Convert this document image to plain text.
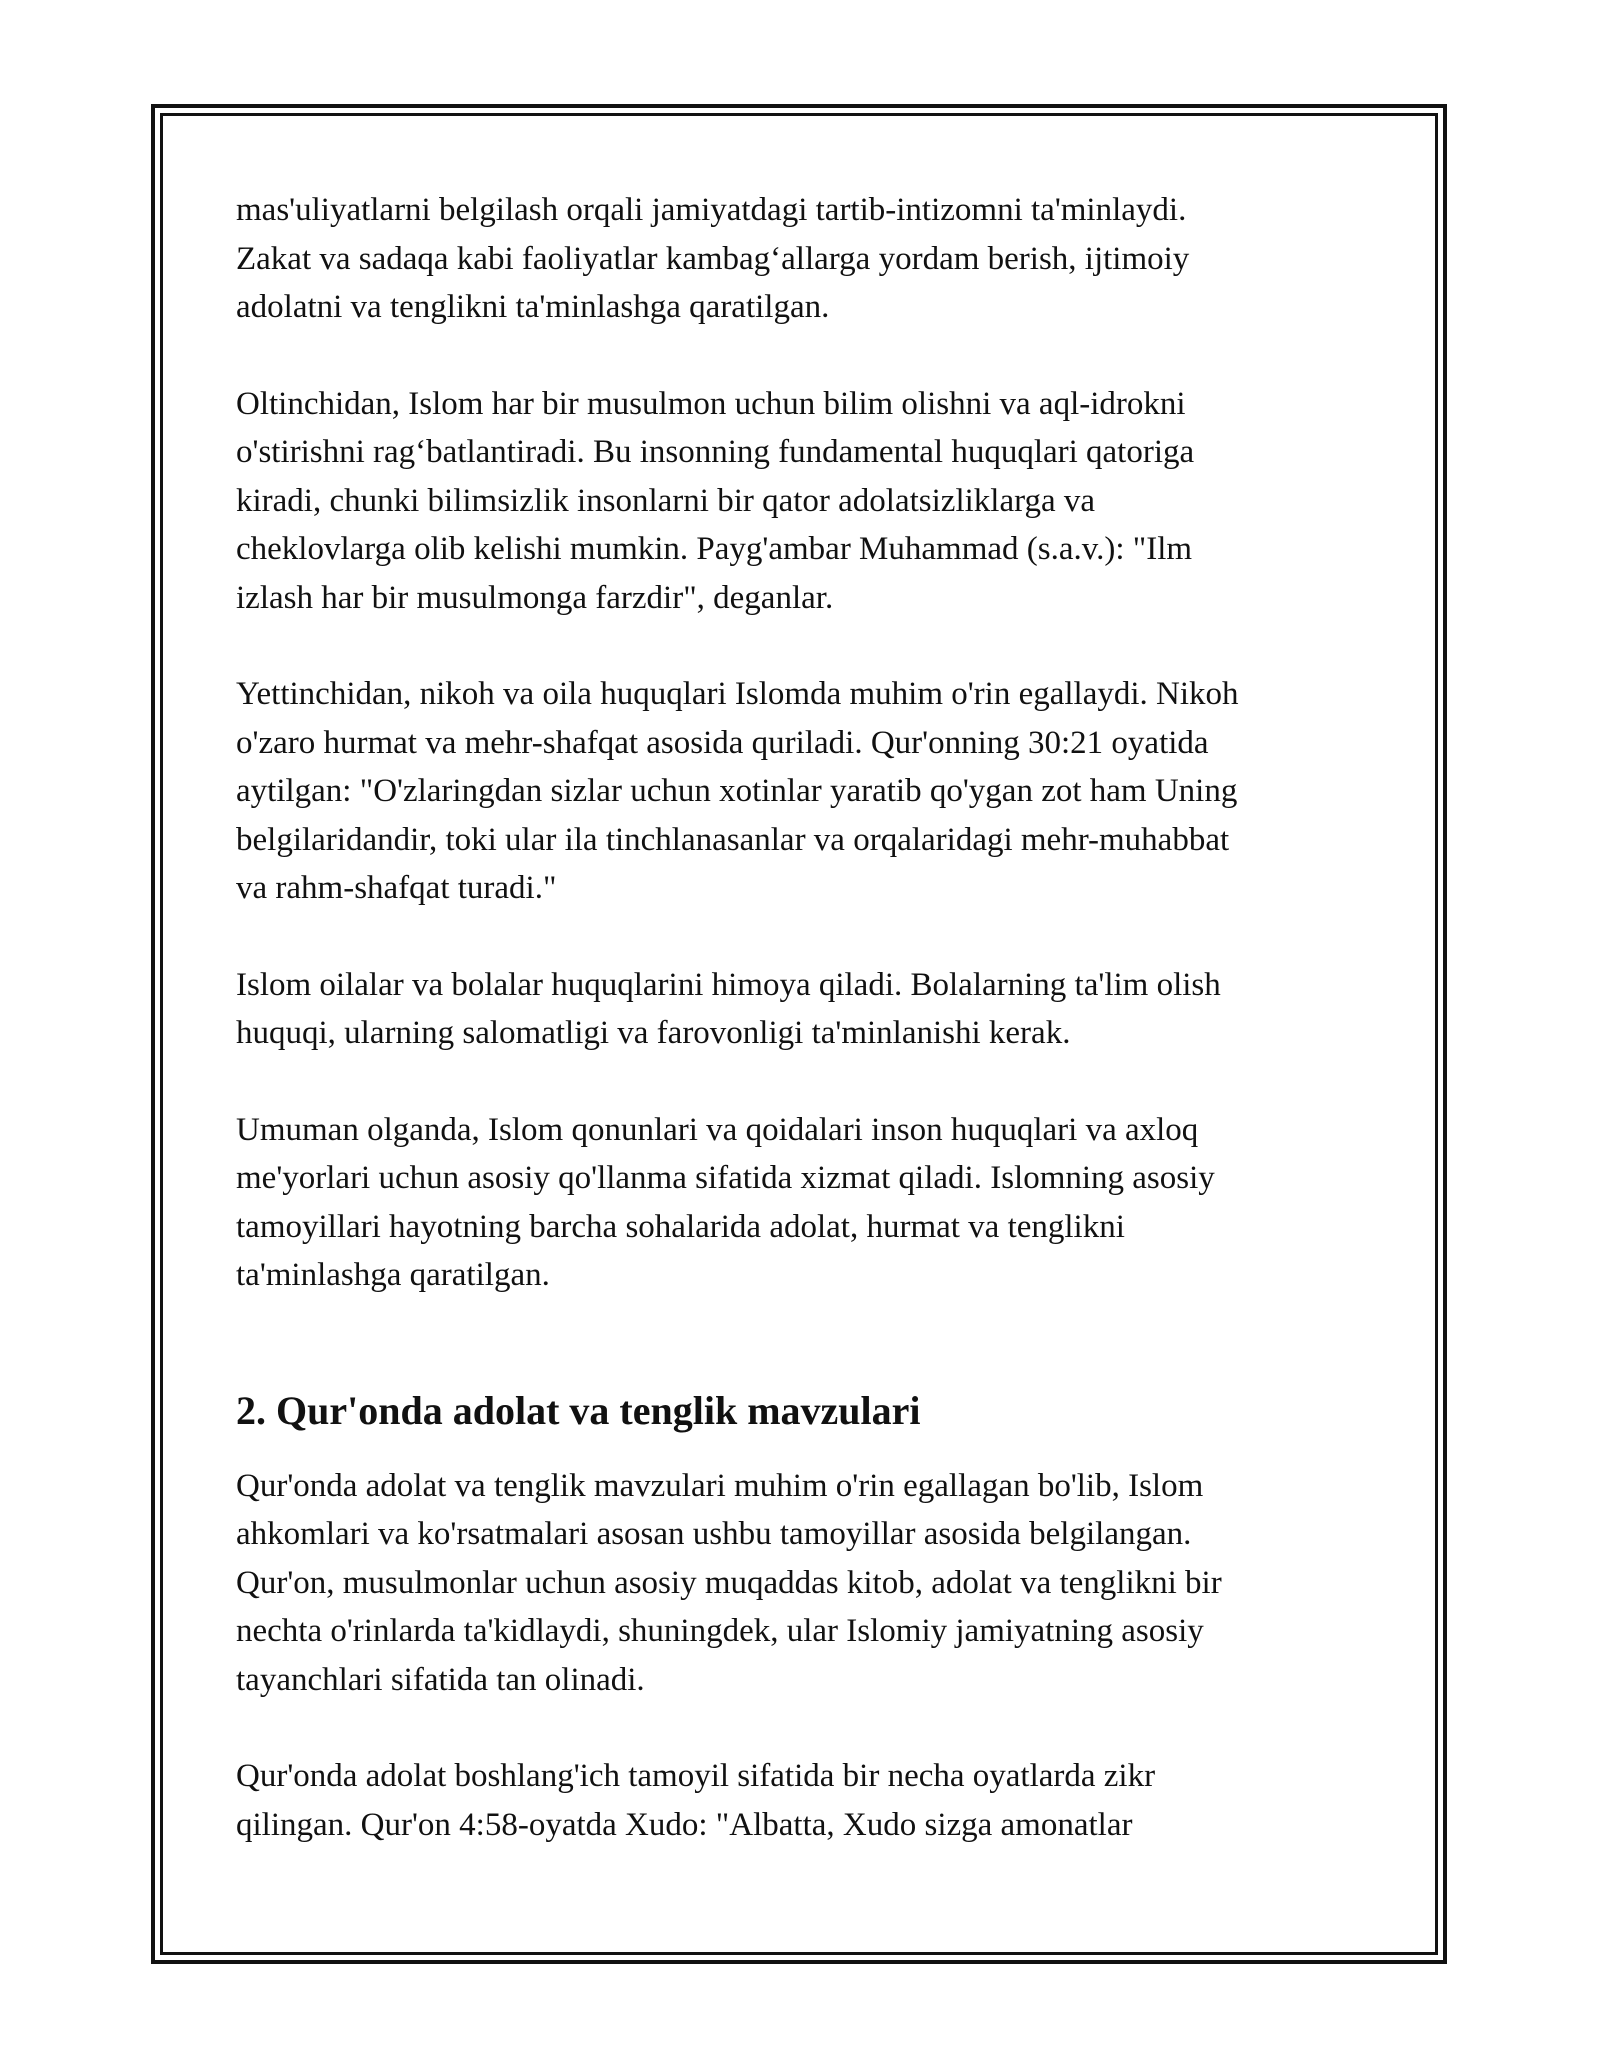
mas'uliyatlarni belgilash orqali jamiyatdagi tartib-intizomni ta'minlaydi.
Zakat va sadaqa kabi faoliyatlar kambag‘allarga yordam berish, ijtimoiy
adolatni va tenglikni ta'minlashga qaratilgan.

Oltinchidan, Islom har bir musulmon uchun bilim olishni va aql-idrokni
o'stirishni rag‘batlantiradi. Bu insonning fundamental huquqlari qatoriga
kiradi, chunki bilimsizlik insonlarni bir qator adolatsizliklarga va
cheklovlarga olib kelishi mumkin. Payg'ambar Muhammad (s.a.v.): "Ilm
izlash har bir musulmonga farzdir", deganlar.

Yettinchidan, nikoh va oila huquqlari Islomda muhim o'rin egallaydi. Nikoh
o'zaro hurmat va mehr-shafqat asosida quriladi. Qur'onning 30:21 oyatida
aytilgan: "O'zlaringdan sizlar uchun xotinlar yaratib qo'ygan zot ham Uning
belgilaridandir, toki ular ila tinchlanasanlar va orqalaridagi mehr-muhabbat
va rahm-shafqat turadi."

Islom oilalar va bolalar huquqlarini himoya qiladi. Bolalarning ta'lim olish
huquqi, ularning salomatligi va farovonligi ta'minlanishi kerak.

Umuman olganda, Islom qonunlari va qoidalari inson huquqlari va axloq
me'yorlari uchun asosiy qo'llanma sifatida xizmat qiladi. Islomning asosiy
tamoyillari hayotning barcha sohalarida adolat, hurmat va tenglikni
ta'minlashga qaratilgan.

2. Qur'onda adolat va tenglik mavzulari

Qur'onda adolat va tenglik mavzulari muhim o'rin egallagan bo'lib, Islom
ahkomlari va ko'rsatmalari asosan ushbu tamoyillar asosida belgilangan.
Qur'on, musulmonlar uchun asosiy muqaddas kitob, adolat va tenglikni bir
nechta o'rinlarda ta'kidlaydi, shuningdek, ular Islomiy jamiyatning asosiy
tayanchlari sifatida tan olinadi.

Qur'onda adolat boshlang'ich tamoyil sifatida bir necha oyatlarda zikr
qilingan. Qur'on 4:58-oyatda Xudo: "Albatta, Xudo sizga amonatlar
